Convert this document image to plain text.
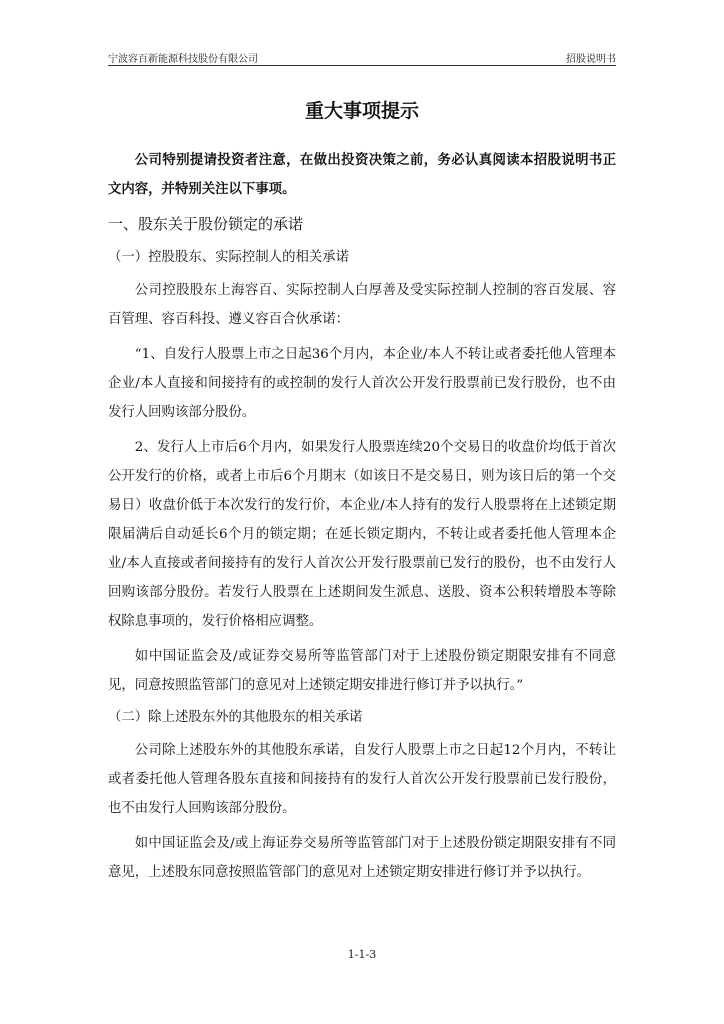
宁波容百新能源科技股份有限公司	招股说明书
重大事项提示

公司特别提请投资者注意，在做出投资决策之前，务必认真阅读本招股说明书正文内容，并特别关注以下事项。

一、股东关于股份锁定的承诺
（一）控股股东、实际控制人的相关承诺

公司控股股东上海容百、实际控制人白厚善及受实际控制人控制的容百发展、容百管理、容百科投、遵义容百合伙承诺：

“1、自发行人股票上市之日起36个月内，本企业/本人不转让或者委托他人管理本企业/本人直接和间接持有的或控制的发行人首次公开发行股票前已发行股份，也不由发行人回购该部分股份。

2、发行人上市后6个月内，如果发行人股票连续20个交易日的收盘价均低于首次公开发行的价格，或者上市后6个月期末（如该日不是交易日，则为该日后的第一个交易日）收盘价低于本次发行的发行价，本企业/本人持有的发行人股票将在上述锁定期限届满后自动延长6个月的锁定期；在延长锁定期内，不转让或者委托他人管理本企业/本人直接或者间接持有的发行人首次公开发行股票前已发行的股份，也不由发行人回购该部分股份。若发行人股票在上述期间发生派息、送股、资本公积转增股本等除权除息事项的，发行价格相应调整。

如中国证监会及/或证券交易所等监管部门对于上述股份锁定期限安排有不同意见，同意按照监管部门的意见对上述锁定期安排进行修订并予以执行。”

（二）除上述股东外的其他股东的相关承诺

公司除上述股东外的其他股东承诺，自发行人股票上市之日起12个月内，不转让或者委托他人管理各股东直接和间接持有的发行人首次公开发行股票前已发行股份，也不由发行人回购该部分股份。

如中国证监会及/或上海证券交易所等监管部门对于上述股份锁定期限安排有不同意见，上述股东同意按照监管部门的意见对上述锁定期安排进行修订并予以执行。

1-1-3
